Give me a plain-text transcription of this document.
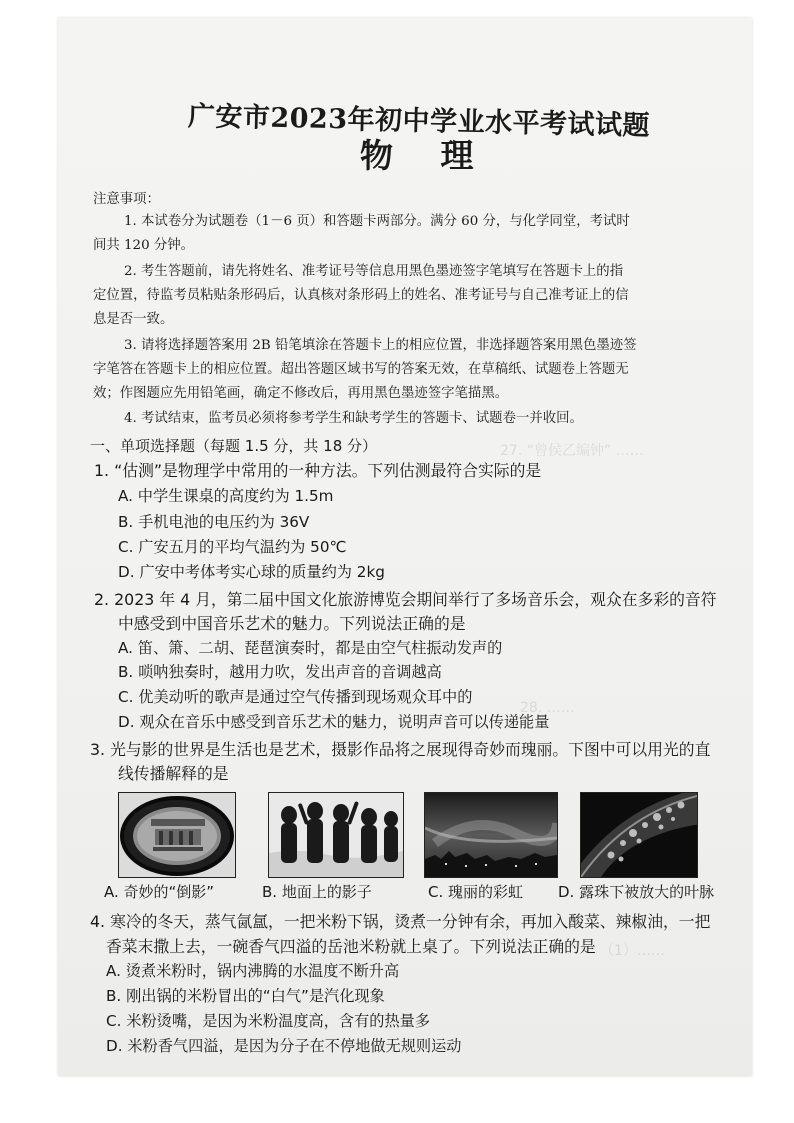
27. “曾侯乙编钟” ……
28. ……
（1）……
广安市2023年初中学业水平考试试题
物 理
注意事项：
1. 本试卷分为试题卷（1－6 页）和答题卡两部分。满分 60 分，与化学同堂，考试时
间共 120 分钟。
2. 考生答题前，请先将姓名、准考证号等信息用黑色墨迹签字笔填写在答题卡上的指
定位置，待监考员粘贴条形码后，认真核对条形码上的姓名、准考证号与自己准考证上的信
息是否一致。
3. 请将选择题答案用 2B 铅笔填涂在答题卡上的相应位置，非选择题答案用黑色墨迹签
字笔答在答题卡上的相应位置。超出答题区域书写的答案无效，在草稿纸、试题卷上答题无
效；作图题应先用铅笔画，确定不修改后，再用黑色墨迹签字笔描黑。
4. 考试结束，监考员必须将参考学生和缺考学生的答题卡、试题卷一并收回。
一、单项选择题（每题 1.5 分，共 18 分）
1. “估测”是物理学中常用的一种方法。下列估测最符合实际的是
A. 中学生课桌的高度约为 1.5m
B. 手机电池的电压约为 36V
C. 广安五月的平均气温约为 50℃
D. 广安中考体考实心球的质量约为 2kg
2. 2023 年 4 月，第二届中国文化旅游博览会期间举行了多场音乐会，观众在多彩的音符
中感受到中国音乐艺术的魅力。下列说法正确的是
A. 笛、箫、二胡、琵琶演奏时，都是由空气柱振动发声的
B. 唢呐独奏时，越用力吹，发出声音的音调越高
C. 优美动听的歌声是通过空气传播到现场观众耳中的
D. 观众在音乐中感受到音乐艺术的魅力，说明声音可以传递能量
3. 光与影的世界是生活也是艺术，摄影作品将之展现得奇妙而瑰丽。下图中可以用光的直
线传播解释的是
A. 奇妙的“倒影”	B. 地面上的影子	C. 瑰丽的彩虹 D. 露珠下被放大的叶脉
4. 寒冷的冬天，蒸气氤氲，一把米粉下锅，烫煮一分钟有余，再加入酸菜、辣椒油，一把
香菜末撒上去，一碗香气四溢的岳池米粉就上桌了。下列说法正确的是
A. 烫煮米粉时，锅内沸腾的水温度不断升高
B. 刚出锅的米粉冒出的“白气”是汽化现象
C. 米粉烫嘴，是因为米粉温度高，含有的热量多
D. 米粉香气四溢，是因为分子在不停地做无规则运动
